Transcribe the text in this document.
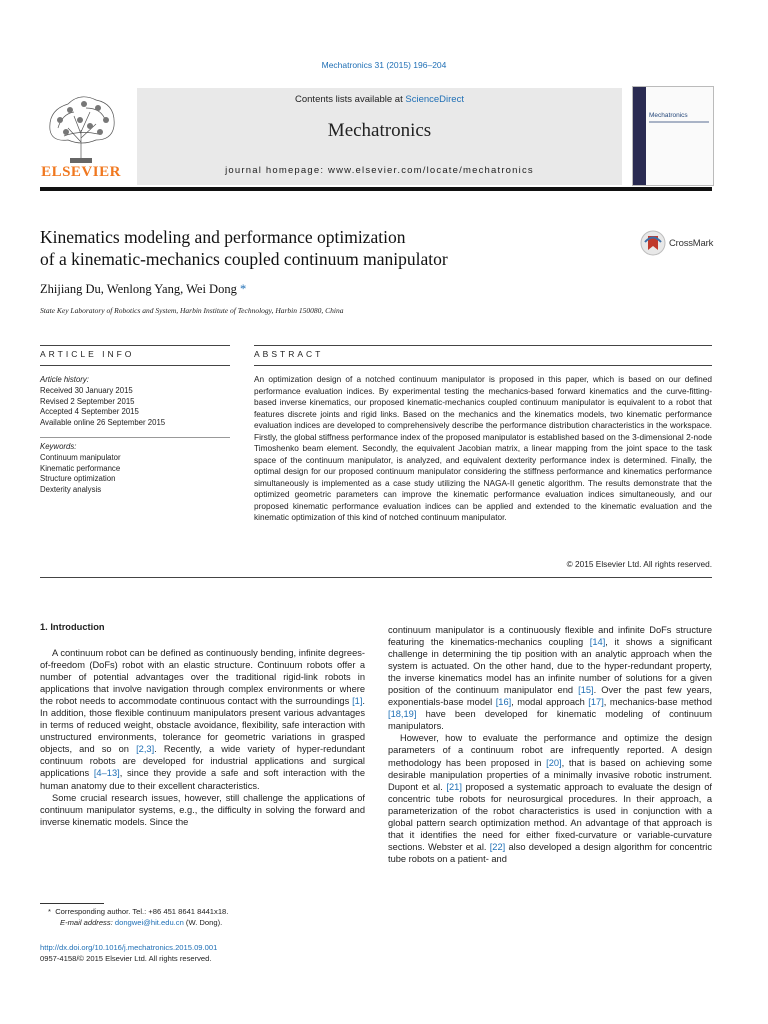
Mechatronics 31 (2015) 196–204
ELSEVIER
Contents lists available at ScienceDirect
Mechatronics
journal homepage: www.elsevier.com/locate/mechatronics
Mechatronics
Kinematics modeling and performance optimization
of a kinematic-mechanics coupled continuum manipulator
CrossMark
Zhijiang Du, Wenlong Yang, Wei Dong *
State Key Laboratory of Robotics and System, Harbin Institute of Technology, Harbin 150080, China
ARTICLE INFO	ABSTRACT
Article history:
Received 30 January 2015
Revised 2 September 2015
Accepted 4 September 2015
Available online 26 September 2015
Keywords:
Continuum manipulator
Kinematic performance
Structure optimization
Dexterity analysis
An optimization design of a notched continuum manipulator is proposed in this paper, which is based on our defined performance evaluation indices. By experimental testing the mechanics-based forward kinematics and the curve-fitting-based inverse kinematics, our proposed kinematic-mechanics coupled continuum manipulator is equivalent to a robot that features discrete joints and rigid links. Based on the mechanics and the kinematics models, two kinematic performance evaluation indices are developed to comprehensively describe the performance distribution characteristics in the workspace. Firstly, the global stiffness performance index of the proposed manipulator is established based on the 3-dimensional 2-node Timoshenko beam element. Secondly, the equivalent Jacobian matrix, a linear mapping from the joint space to the task space of the continuum manipulator, is analyzed, and equivalent dexterity performance index is determined. Finally, the optimal design for our proposed continuum manipulator considering the stiffness performance and kinematics performance simultaneously is implemented as a case study utilizing the NAGA-II genetic algorithm. The results demonstrate that the optimized geometric parameters can improve the kinematic performance evaluation indices simultaneously, and our proposed kinematic performance evaluation indices can be applied and extended to the kinematic evaluation and the kinematic optimization of this kind of notched continuum manipulator.
© 2015 Elsevier Ltd. All rights reserved.
1. Introduction

A continuum robot can be defined as continuously bending, infinite degrees-of-freedom (DoFs) robot with an elastic structure. Continuum robots offer a number of potential advantages over the traditional rigid-link robots in applications that involve navigation through complex environments or where the robot needs to accommodate continuous contact with the surroundings [1]. In addition, those flexible continuum manipulators present various advantages in terms of reduced weight, obstacle avoidance, flexibility, safe interaction with unstructured environments, tolerance for geometric variations in grasped objects, and so on [2,3]. Recently, a wide variety of hyper-redundant continuum robots are developed for industrial applications and surgical applications [4–13], since they provide a safe and soft interaction with the human anatomy due to their excellent characteristics.

Some crucial research issues, however, still challenge the applications of continuum manipulator systems, e.g., the difficulty in solving the forward and inverse kinematic models. Since the

continuum manipulator is a continuously flexible and infinite DoFs structure featuring the kinematics-mechanics coupling [14], it shows a significant challenge in determining the tip position with an analytic approach when the system is actuated. On the other hand, due to the hyper-redundant property, the inverse kinematics model has an infinite number of solutions for a given position of the continuum manipulator end [15]. Over the past few years, exponentials-base model [16], modal approach [17], mechanics-base method [18,19] have been developed for kinematic modeling of continuum manipulators.

However, how to evaluate the performance and optimize the design parameters of a continuum robot are infrequently reported. A design methodology has been proposed in [20], that is based on achieving some desirable manipulation properties of a minimally invasive robotic instrument. Dupont et al. [21] proposed a systematic approach to evaluate the design of concentric tube robots for neurosurgical procedures. In their approach, a parameterization of the robot characteristics is used in conjunction with a global pattern search optimization method. An advantage of that approach is that it identifies the need for either fixed-curvature or variable-curvature sections. Webster et al. [22] also developed a design algorithm for concentric tube robots on a patient- and

* Corresponding author. Tel.: +86 451 8641 8441x18.
E-mail address: dongwei@hit.edu.cn (W. Dong).
http://dx.doi.org/10.1016/j.mechatronics.2015.09.001
0957-4158/© 2015 Elsevier Ltd. All rights reserved.
